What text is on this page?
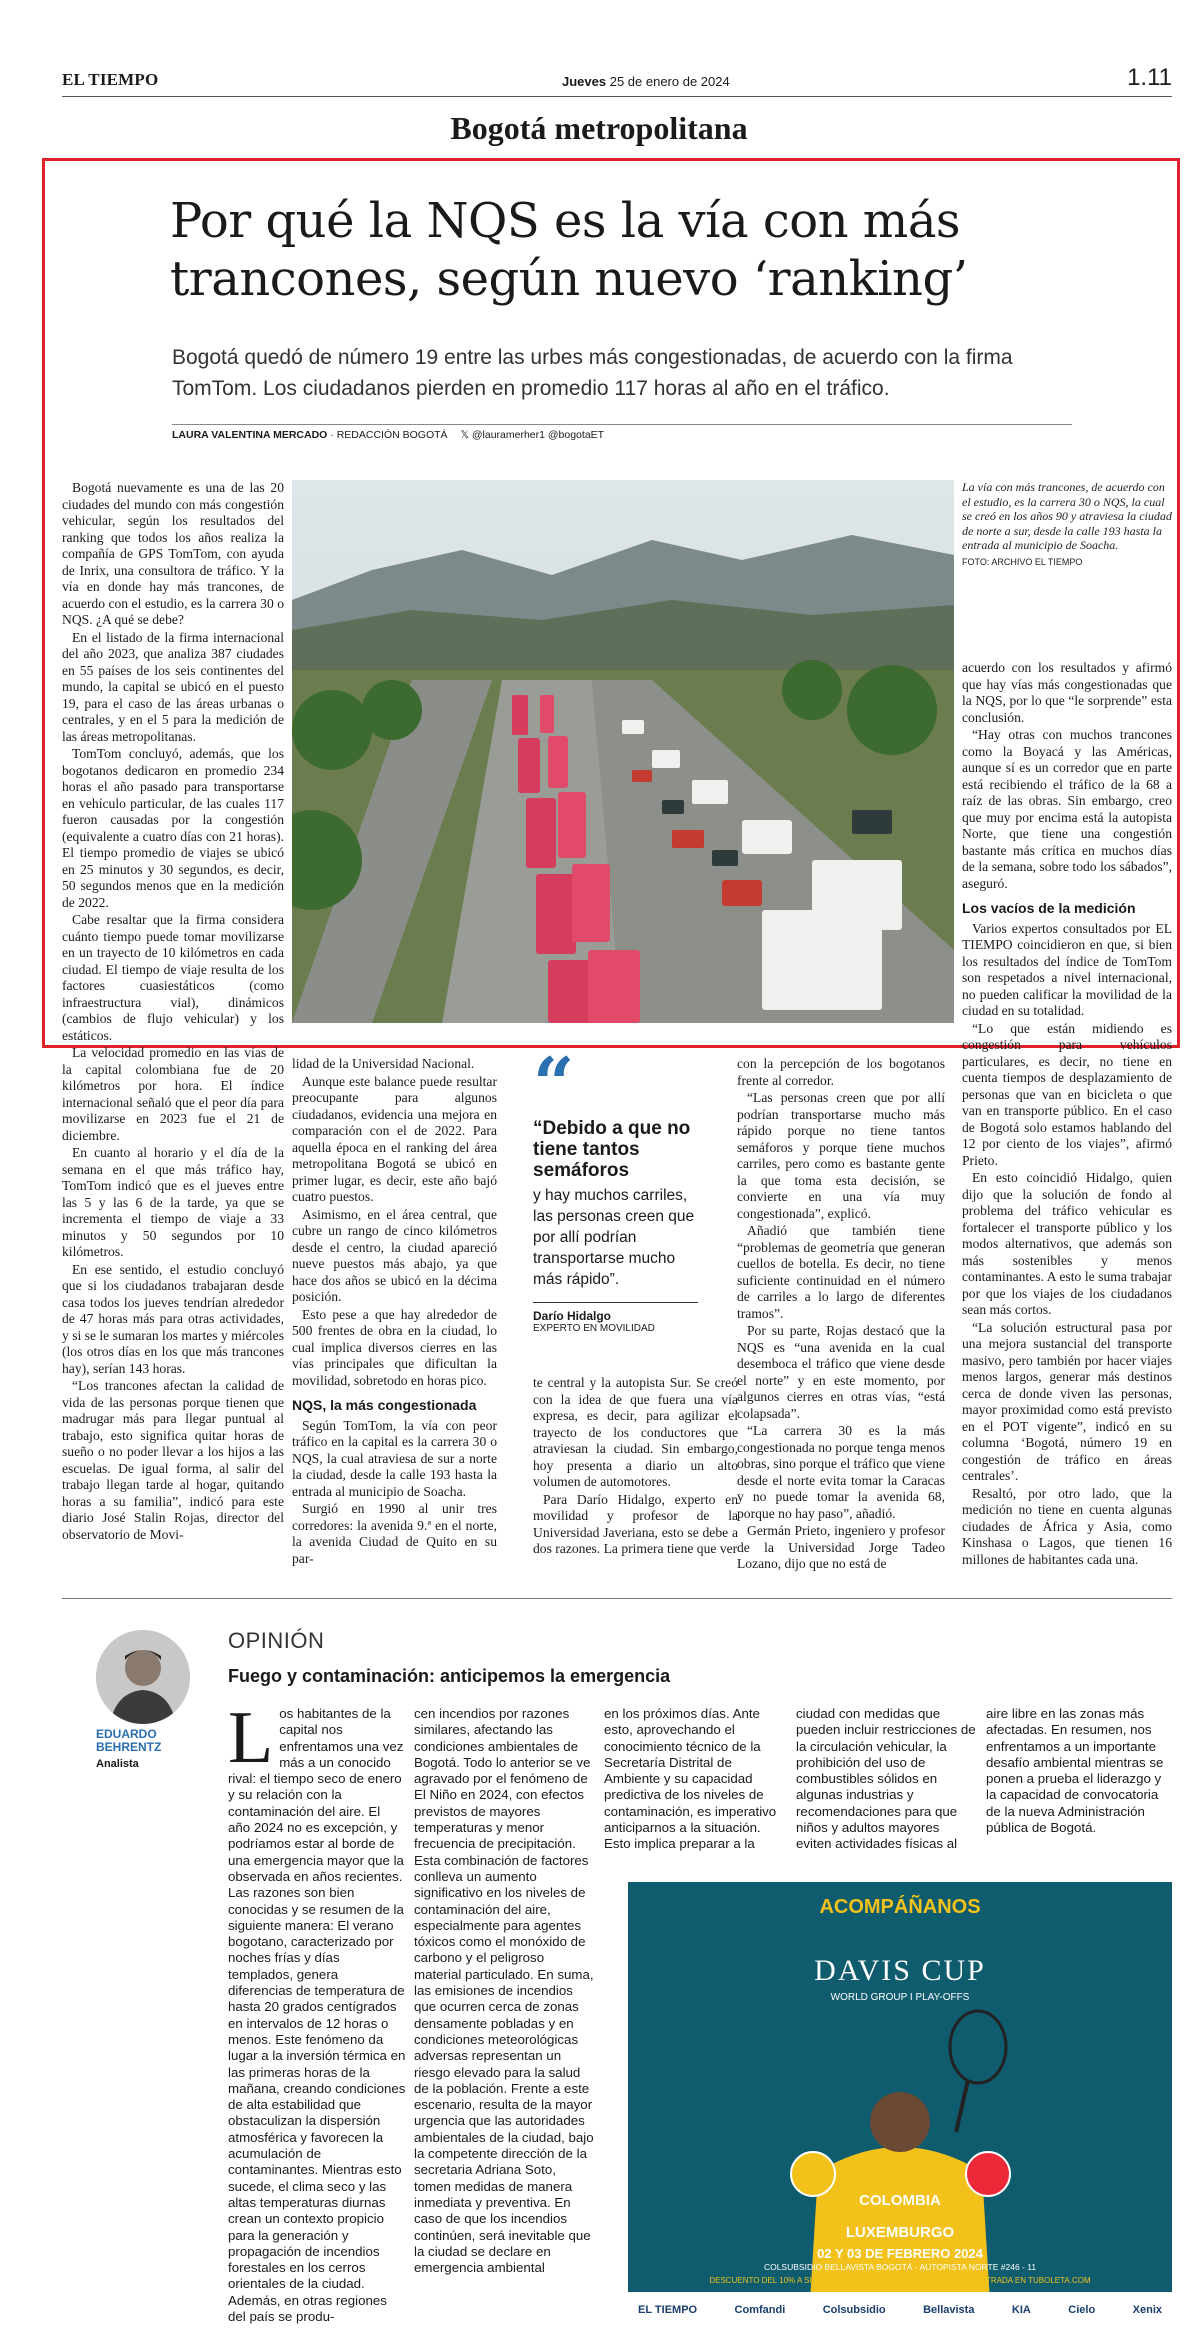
EL TIEMPO	Jueves 25 de enero de 2024	1.11
Bogotá metropolitana
Por qué la NQS es la vía con más trancones, según nuevo ‘ranking’
Bogotá quedó de número 19 entre las urbes más congestionadas, de acuerdo con la firma TomTom. Los ciudadanos pierden en promedio 117 horas al año en el tráfico.
LAURA VALENTINA MERCADO · REDACCIÓN BOGOTÁ 𝕏 @lauramerher1 @bogotaET

Bogotá nuevamente es una de las 20 ciudades del mundo con más congestión vehicular, según los resultados del ranking que todos los años realiza la compañía de GPS TomTom, con ayuda de Inrix, una consultora de tráfico. Y la vía en donde hay más trancones, de acuerdo con el estudio, es la carrera 30 o NQS. ¿A qué se debe?

En el listado de la firma internacional del año 2023, que analiza 387 ciudades en 55 países de los seis continentes del mundo, la capital se ubicó en el puesto 19, para el caso de las áreas urbanas o centrales, y en el 5 para la medición de las áreas metropolitanas.

TomTom concluyó, además, que los bogotanos dedicaron en promedio 234 horas el año pasado para transportarse en vehículo particular, de las cuales 117 fueron causadas por la congestión (equivalente a cuatro días con 21 horas). El tiempo promedio de viajes se ubicó en 25 minutos y 30 segundos, es decir, 50 segundos menos que en la medición de 2022.

Cabe resaltar que la firma considera cuánto tiempo puede tomar movilizarse en un trayecto de 10 kilómetros en cada ciudad. El tiempo de viaje resulta de los factores cuasiestáticos (como infraestructura vial), dinámicos (cambios de flujo vehicular) y los estáticos.

La velocidad promedio en las vías de la capital colombiana fue de 20 kilómetros por hora. El índice internacional señaló que el peor día para movilizarse en 2023 fue el 21 de diciembre.

En cuanto al horario y el día de la semana en el que más tráfico hay, TomTom indicó que es el jueves entre las 5 y las 6 de la tarde, ya que se incrementa el tiempo de viaje a 33 minutos y 50 segundos por 10 kilómetros.

En ese sentido, el estudio concluyó que si los ciudadanos trabajaran desde casa todos los jueves tendrían alrededor de 47 horas más para otras actividades, y si se le sumaran los martes y miércoles (los otros días en los que más trancones hay), serían 143 horas.

“Los trancones afectan la calidad de vida de las personas porque tienen que madrugar más para llegar puntual al trabajo, esto significa quitar horas de sueño o no poder llevar a los hijos a las escuelas. De igual forma, al salir del trabajo llegan tarde al hogar, quitando horas a su familia”, indicó para este diario José Stalin Rojas, director del observatorio de Movi-

La vía con más trancones, de acuerdo con el estudio, es la carrera 30 o NQS, la cual se creó en los años 90 y atraviesa la ciudad de norte a sur, desde la calle 193 hasta la entrada al municipio de Soacha.
FOTO: ARCHIVO EL TIEMPO

lidad de la Universidad Nacional.

Aunque este balance puede resultar preocupante para algunos ciudadanos, evidencia una mejora en comparación con el de 2022. Para aquella época en el ranking del área metropolitana Bogotá se ubicó en primer lugar, es decir, este año bajó cuatro puestos.

Asimismo, en el área central, que cubre un rango de cinco kilómetros desde el centro, la ciudad apareció nueve puestos más abajo, ya que hace dos años se ubicó en la décima posición.

Esto pese a que hay alrededor de 500 frentes de obra en la ciudad, lo cual implica diversos cierres en las vías principales que dificultan la movilidad, sobretodo en horas pico.

NQS, la más congestionada

Según TomTom, la vía con peor tráfico en la capital es la carrera 30 o NQS, la cual atraviesa de sur a norte la ciudad, desde la calle 193 hasta la entrada al municipio de Soacha.

Surgió en 1990 al unir tres corredores: la avenida 9.ª en el norte, la avenida Ciudad de Quito en su par-

“
“Debido a que no tiene tantos semáforos
y hay muchos carriles, las personas creen que por allí podrían transportarse mucho más rápido”.
Darío Hidalgo
EXPERTO EN MOVILIDAD

te central y la autopista Sur. Se creó con la idea de que fuera una vía expresa, es decir, para agilizar el trayecto de los conductores que atraviesan la ciudad. Sin embargo, hoy presenta a diario un alto volumen de automotores.

Para Darío Hidalgo, experto en movilidad y profesor de la Universidad Javeriana, esto se debe a dos razones. La primera tiene que ver

con la percepción de los bogotanos frente al corredor.

“Las personas creen que por allí podrían transportarse mucho más rápido porque no tiene tantos semáforos y porque tiene muchos carriles, pero como es bastante gente la que toma esta decisión, se convierte en una vía muy congestionada”, explicó.

Añadió que también tiene “problemas de geometría que generan cuellos de botella. Es decir, no tiene suficiente continuidad en el número de carriles a lo largo de diferentes tramos”.

Por su parte, Rojas destacó que la NQS es “una avenida en la cual desemboca el tráfico que viene desde el norte” y en este momento, por algunos cierres en otras vías, “está colapsada”.

“La carrera 30 es la más congestionada no porque tenga menos obras, sino porque el tráfico que viene desde el norte evita tomar la Caracas y no puede tomar la avenida 68, porque no hay paso”, añadió.

Germán Prieto, ingeniero y profesor de la Universidad Jorge Tadeo Lozano, dijo que no está de

acuerdo con los resultados y afirmó que hay vías más congestionadas que la NQS, por lo que “le sorprende” esta conclusión.

“Hay otras con muchos trancones como la Boyacá y las Américas, aunque sí es un corredor que en parte está recibiendo el tráfico de la 68 a raíz de las obras. Sin embargo, creo que muy por encima está la autopista Norte, que tiene una congestión bastante más crítica en muchos días de la semana, sobre todo los sábados”, aseguró.

Los vacíos de la medición

Varios expertos consultados por EL TIEMPO coincidieron en que, si bien los resultados del índice de TomTom son respetados a nivel internacional, no pueden calificar la movilidad de la ciudad en su totalidad.

“Lo que están midiendo es congestión para vehículos particulares, es decir, no tiene en cuenta tiempos de desplazamiento de personas que van en bicicleta o que van en transporte público. En el caso de Bogotá solo estamos hablando del 12 por ciento de los viajes”, afirmó Prieto.

En esto coincidió Hidalgo, quien dijo que la solución de fondo al problema del tráfico vehicular es fortalecer el transporte público y los modos alternativos, que además son más sostenibles y menos contaminantes. A esto le suma trabajar por que los viajes de los ciudadanos sean más cortos.

“La solución estructural pasa por una mejora sustancial del transporte masivo, pero también por hacer viajes menos largos, generar más destinos cerca de donde viven las personas, mayor proximidad como está previsto en el POT vigente”, indicó en su columna ‘Bogotá, número 19 en congestión de tráfico en áreas centrales’.

Resaltó, por otro lado, que la medición no tiene en cuenta algunas ciudades de África y Asia, como Kinshasa o Lagos, que tienen 16 millones de habitantes cada una.

EDUARDO BEHRENTZ
Analista
OPINIÓN
Fuego y contaminación: anticipemos la emergencia
Los habitantes de la capital nos enfrentamos una vez más a un conocido rival: el tiempo seco de enero y su relación con la contaminación del aire. El año 2024 no es excepción, y podríamos estar al borde de una emergencia mayor que la observada en años recientes. Las razones son bien conocidas y se resumen de la siguiente manera: El verano bogotano, caracterizado por noches frías y días templados, genera diferencias de temperatura de hasta 20 grados centígrados en intervalos de 12 horas o menos. Este fenómeno da lugar a la inversión térmica en las primeras horas de la mañana, creando condiciones de alta estabilidad que obstaculizan la dispersión atmosférica y favorecen la acumulación de contaminantes. Mientras esto sucede, el clima seco y las altas temperaturas diurnas crean un contexto propicio para la generación y propagación de incendios forestales en los cerros orientales de la ciudad. Además, en otras regiones del país se produ-
cen incendios por razones similares, afectando las condiciones ambientales de Bogotá. Todo lo anterior se ve agravado por el fenómeno de El Niño en 2024, con efectos previstos de mayores temperaturas y menor frecuencia de precipitación. Esta combinación de factores conlleva un aumento significativo en los niveles de contaminación del aire, especialmente para agentes tóxicos como el monóxido de carbono y el peligroso material particulado. En suma, las emisiones de incendios que ocurren cerca de zonas densamente pobladas y en condiciones meteorológicas adversas representan un riesgo elevado para la salud de la población. Frente a este escenario, resulta de la mayor urgencia que las autoridades ambientales de la ciudad, bajo la competente dirección de la secretaria Adriana Soto, tomen medidas de manera inmediata y preventiva. En caso de que los incendios continúen, será inevitable que la ciudad se declare en emergencia ambiental
en los próximos días. Ante esto, aprovechando el conocimiento técnico de la Secretaría Distrital de Ambiente y su capacidad predictiva de los niveles de contaminación, es imperativo anticiparnos a la situación. Esto implica preparar a la
ciudad con medidas que pueden incluir restricciones de la circulación vehicular, la prohibición del uso de combustibles sólidos en algunas industrias y recomendaciones para que niños y adultos mayores eviten actividades físicas al
aire libre en las zonas más afectadas. En resumen, nos enfrentamos a un importante desafío ambiental mientras se ponen a prueba el liderazgo y la capacidad de convocatoria de la nueva Administración pública de Bogotá.
ACOMPÁÑANOS
DAVIS CUP
WORLD GROUP I PLAY-OFFS
COLOMBIA
VS
LUXEMBURGO
02 Y 03 DE FEBRERO 2024
COLSUBSIDIO BELLAVISTA BOGOTÁ - AUTOPISTA NORTE #246 - 11
DESCUENTO DEL 10% A SUSCRIPTORES EL TIEMPO - ADQUIERE TU ENTRADA EN TUBOLETA.COM
EL TIEMPO	Comfandi	Colsubsidio	Bellavista	KIA	Cielo	Xenix
